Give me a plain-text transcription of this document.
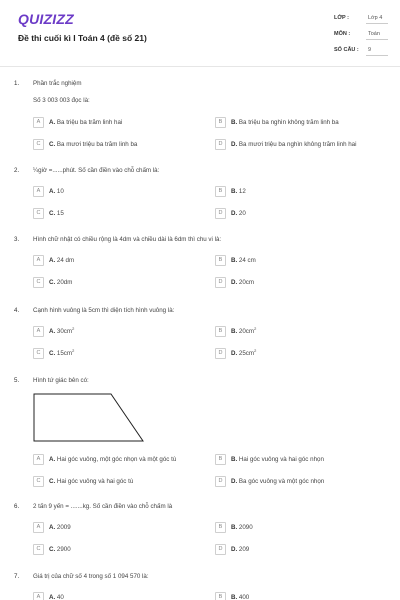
QUIZIZZ
Đề thi cuối kì I Toán 4 (đề số 21)
LỚP :	Lớp 4
MÔN :	Toán
SỐ CÂU : 9
1. Phần trắc nghiệm
Số 3 003 003 đọc là:
A	A. Ba triệu ba trăm linh hai	B	B. Ba triệu ba nghìn không trăm linh ba
C	C. Ba mươi triệu ba trăm linh ba	D	D. Ba mươi triệu ba nghìn không trăm linh hai
2. ¼giờ =......phút. Số cần điền vào chỗ chấm là:
A	A. 10	B	B. 12
C	C. 15	D	D. 20
3. Hình chữ nhật có chiều rộng là 4dm và chiều dài là 6dm thì chu vi là:
A	A. 24 dm	B	B. 24 cm
C	C. 20dm	D	D. 20cm
4. Cạnh hình vuông là 5cm thì diện tích hình vuông là:
A	A. $30cm^2$	B	B. $20cm^2$
C	C. $15cm^2$	D	D. $25cm^2$
5. Hình tứ giác bên có:
A	A. Hai góc vuông, một góc nhọn và một góc tù	B	B. Hai góc vuông và hai góc nhọn
C	C. Hai góc vuông và hai góc tù	D	D. Ba góc vuông và một góc nhọn
6. 2 tấn 9 yến = .......kg. Số cần điền vào chỗ chấm là
A	A. 2009	B	B. 2090
C	C. 2900	D	D. 209
7. Giá trị của chữ số 4 trong số 1 094 570 là:
A	A. 40	B	B. 400
